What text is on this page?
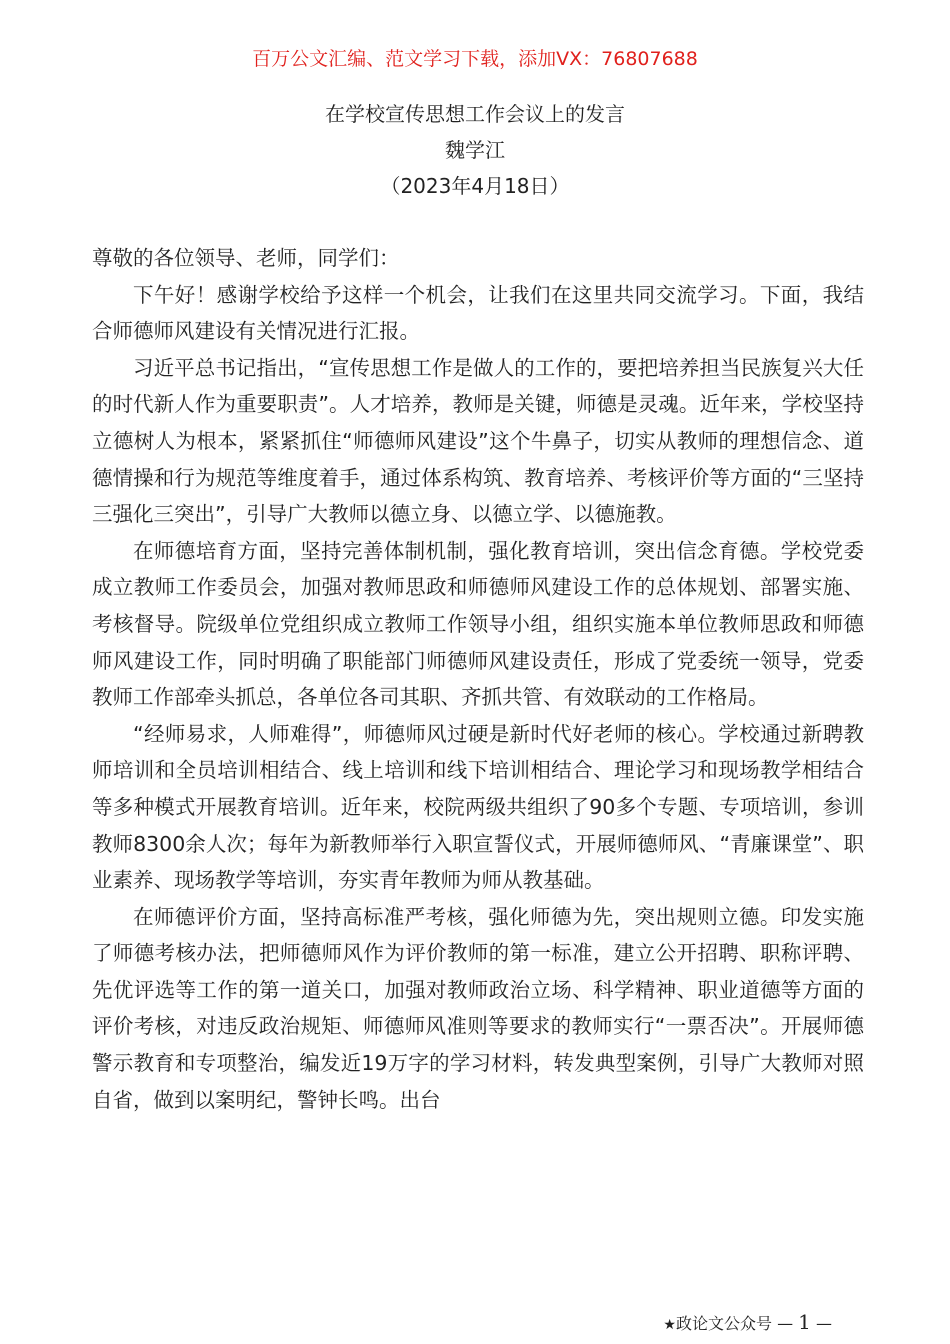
百万公文汇编、范文学习下载，添加VX：76807688
在学校宣传思想工作会议上的发言
魏学江
（2023年4月18日）

尊敬的各位领导、老师，同学们：

下午好！感谢学校给予这样一个机会，让我们在这里共同交流学习。下面，我结合师德师风建设有关情况进行汇报。

习近平总书记指出，“宣传思想工作是做人的工作的，要把培养担当民族复兴大任的时代新人作为重要职责”。人才培养，教师是关键，师德是灵魂。近年来，学校坚持立德树人为根本，紧紧抓住“师德师风建设”这个牛鼻子，切实从教师的理想信念、道德情操和行为规范等维度着手，通过体系构筑、教育培养、考核评价等方面的“三坚持三强化三突出”，引导广大教师以德立身、以德立学、以德施教。

在师德培育方面，坚持完善体制机制，强化教育培训，突出信念育德。学校党委成立教师工作委员会，加强对教师思政和师德师风建设工作的总体规划、部署实施、考核督导。院级单位党组织成立教师工作领导小组，组织实施本单位教师思政和师德师风建设工作，同时明确了职能部门师德师风建设责任，形成了党委统一领导，党委教师工作部牵头抓总，各单位各司其职、齐抓共管、有效联动的工作格局。

“经师易求，人师难得”，师德师风过硬是新时代好老师的核心。学校通过新聘教师培训和全员培训相结合、线上培训和线下培训相结合、理论学习和现场教学相结合等多种模式开展教育培训。近年来，校院两级共组织了90多个专题、专项培训，参训教师8300余人次；每年为新教师举行入职宣誓仪式，开展师德师风、“青廉课堂”、职业素养、现场教学等培训，夯实青年教师为师从教基础。

在师德评价方面，坚持高标准严考核，强化师德为先，突出规则立德。印发实施了师德考核办法，把师德师风作为评价教师的第一标准，建立公开招聘、职称评聘、先优评选等工作的第一道关口，加强对教师政治立场、科学精神、职业道德等方面的评价考核，对违反政治规矩、师德师风准则等要求的教师实行“一票否决”。开展师德警示教育和专项整治，编发近19万字的学习材料，转发典型案例，引导广大教师对照自省，做到以案明纪，警钟长鸣。出台

★政论文公众号 — 1 —
